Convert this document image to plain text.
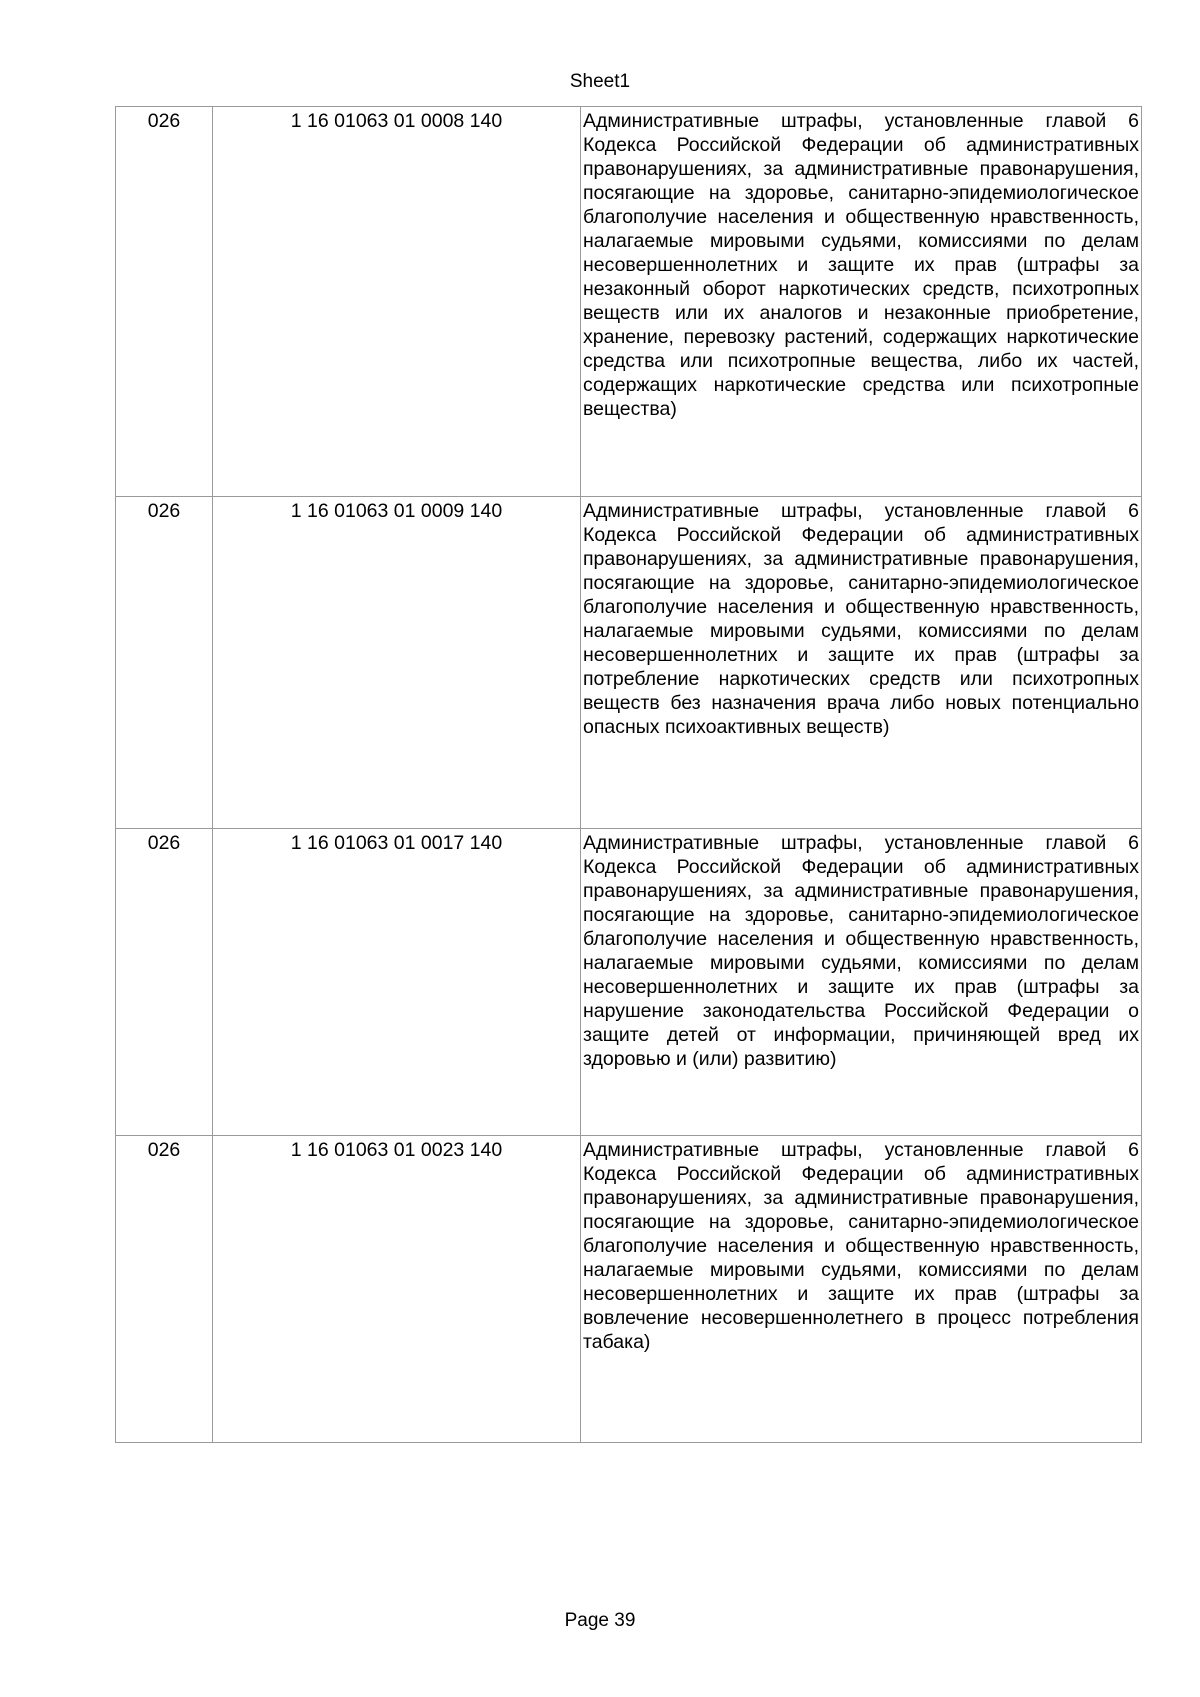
Sheet1
026	1 16 01063 01 0008 140	Административные штрафы, установленные главой 6 Кодекса Российской Федерации об административных правонарушениях, за административные правонарушения, посягающие на здоровье, санитарно-эпидемиологическое благополучие населения и общественную нравственность, налагаемые мировыми судьями, комиссиями по делам несовершеннолетних и защите их прав (штрафы за незаконный оборот наркотических средств, психотропных веществ или их аналогов и незаконные приобретение, хранение, перевозку растений, содержащих наркотические средства или психотропные вещества, либо их частей, содержащих наркотические средства или психотропные вещества)
026	1 16 01063 01 0009 140	Административные штрафы, установленные главой 6 Кодекса Российской Федерации об административных правонарушениях, за административные правонарушения, посягающие на здоровье, санитарно-эпидемиологическое благополучие населения и общественную нравственность, налагаемые мировыми судьями, комиссиями по делам несовершеннолетних и защите их прав (штрафы за потребление наркотических средств или психотропных веществ без назначения врача либо новых потенциально опасных психоактивных веществ)
026	1 16 01063 01 0017 140	Административные штрафы, установленные главой 6 Кодекса Российской Федерации об административных правонарушениях, за административные правонарушения, посягающие на здоровье, санитарно-эпидемиологическое благополучие населения и общественную нравственность, налагаемые мировыми судьями, комиссиями по делам несовершеннолетних и защите их прав (штрафы за нарушение законодательства Российской Федерации о защите детей от информации, причиняющей вред их здоровью и (или) развитию)
026	1 16 01063 01 0023 140	Административные штрафы, установленные главой 6 Кодекса Российской Федерации об административных правонарушениях, за административные правонарушения, посягающие на здоровье, санитарно-эпидемиологическое благополучие населения и общественную нравственность, налагаемые мировыми судьями, комиссиями по делам несовершеннолетних и защите их прав (штрафы за вовлечение несовершеннолетнего в процесс потребления табака)
Page 39
